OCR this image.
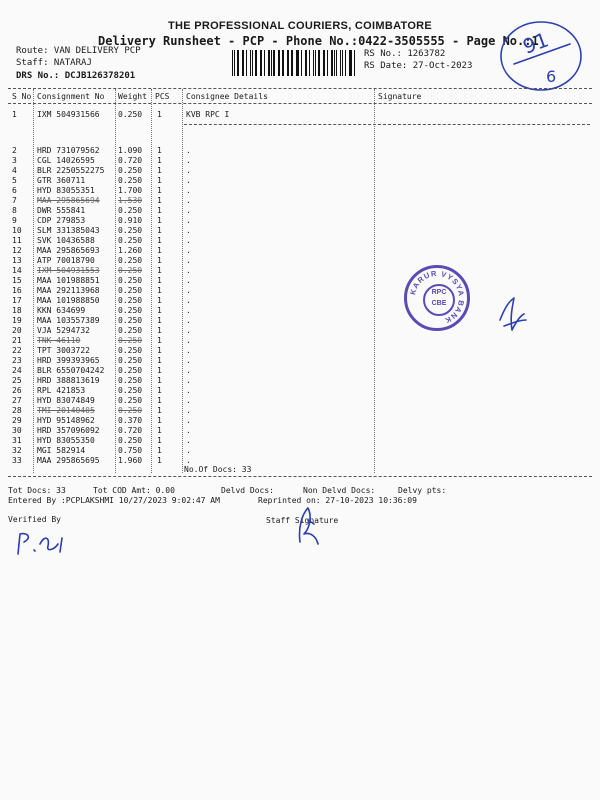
THE PROFESSIONAL COURIERS, COIMBATORE
Delivery Runsheet - PCP - Phone No.:0422-3505555 - Page No.:1
Route: VAN DELIVERY PCP
Staff: NATARAJ
DRS No.: DCJB126378201
RS No.: 1263782
RS Date: 27-Oct-2023
91
6
S No Consignment No Weight PCS Consignee Details	Signature
1	IXM 504931566 0.250 1	KVB RPC I
2	HRD 731079562 1.090 1	.
3	CGL 14026595	0.720 1	.
4	BLR 2250552275 0.250 1	.
5	GTR 360711	0.250 1	.
6	HYD 83055351	1.700 1	.
7	MAA 295865694 1.530 1	.
8	DWR 555841	0.250 1	.
9	CDP 279853	0.910 1	.
10 SLM 331385043 0.250 1	.
11 SVK 10436588	0.250 1	.
12 MAA 295865693 1.260 1	.
13 ATP 70018790	0.250 1	.
14 IXM 504931553 0.250 1	.
15 MAA 101988851 0.250 1	.
16 MAA 292113968 0.250 1	.
17 MAA 101988850 0.250 1	.
18 KKN 634699	0.250 1	.
19 MAA 103557389 0.250 1	.
20 VJA 5294732	0.250 1	.
21 TNK 46110	0.250 1	.
22 TPT 3003722	0.250 1	.
23 HRD 399393965 0.250 1	.
24 BLR 6550704242 0.250 1	.
25 HRD 388813619 0.250 1	.
26 RPL 421853	0.250 1	.
27 HYD 83074849	0.250 1	.
28 TMI 20140405	0.250 1	.
29 HYD 95148962	0.370 1	.
30 HRD 357096092 0.720 1	.
31 HYD 83055350	0.250 1	.
32 MGI 582914	0.750 1	.
33 MAA 295865695 1.960 1	.
No.Of Docs: 33
KARUR VYSYA BANK
RPC
CBE
Tot Docs: 33	Tot COD Amt: 0.00	Delvd Docs:	Non Delvd Docs:	Delvy pts:
Entered By :PCPLAKSHMI 10/27/2023 9:02:47 AM	Reprinted on: 27-10-2023 10:36:09
Verified By	Staff Signature
